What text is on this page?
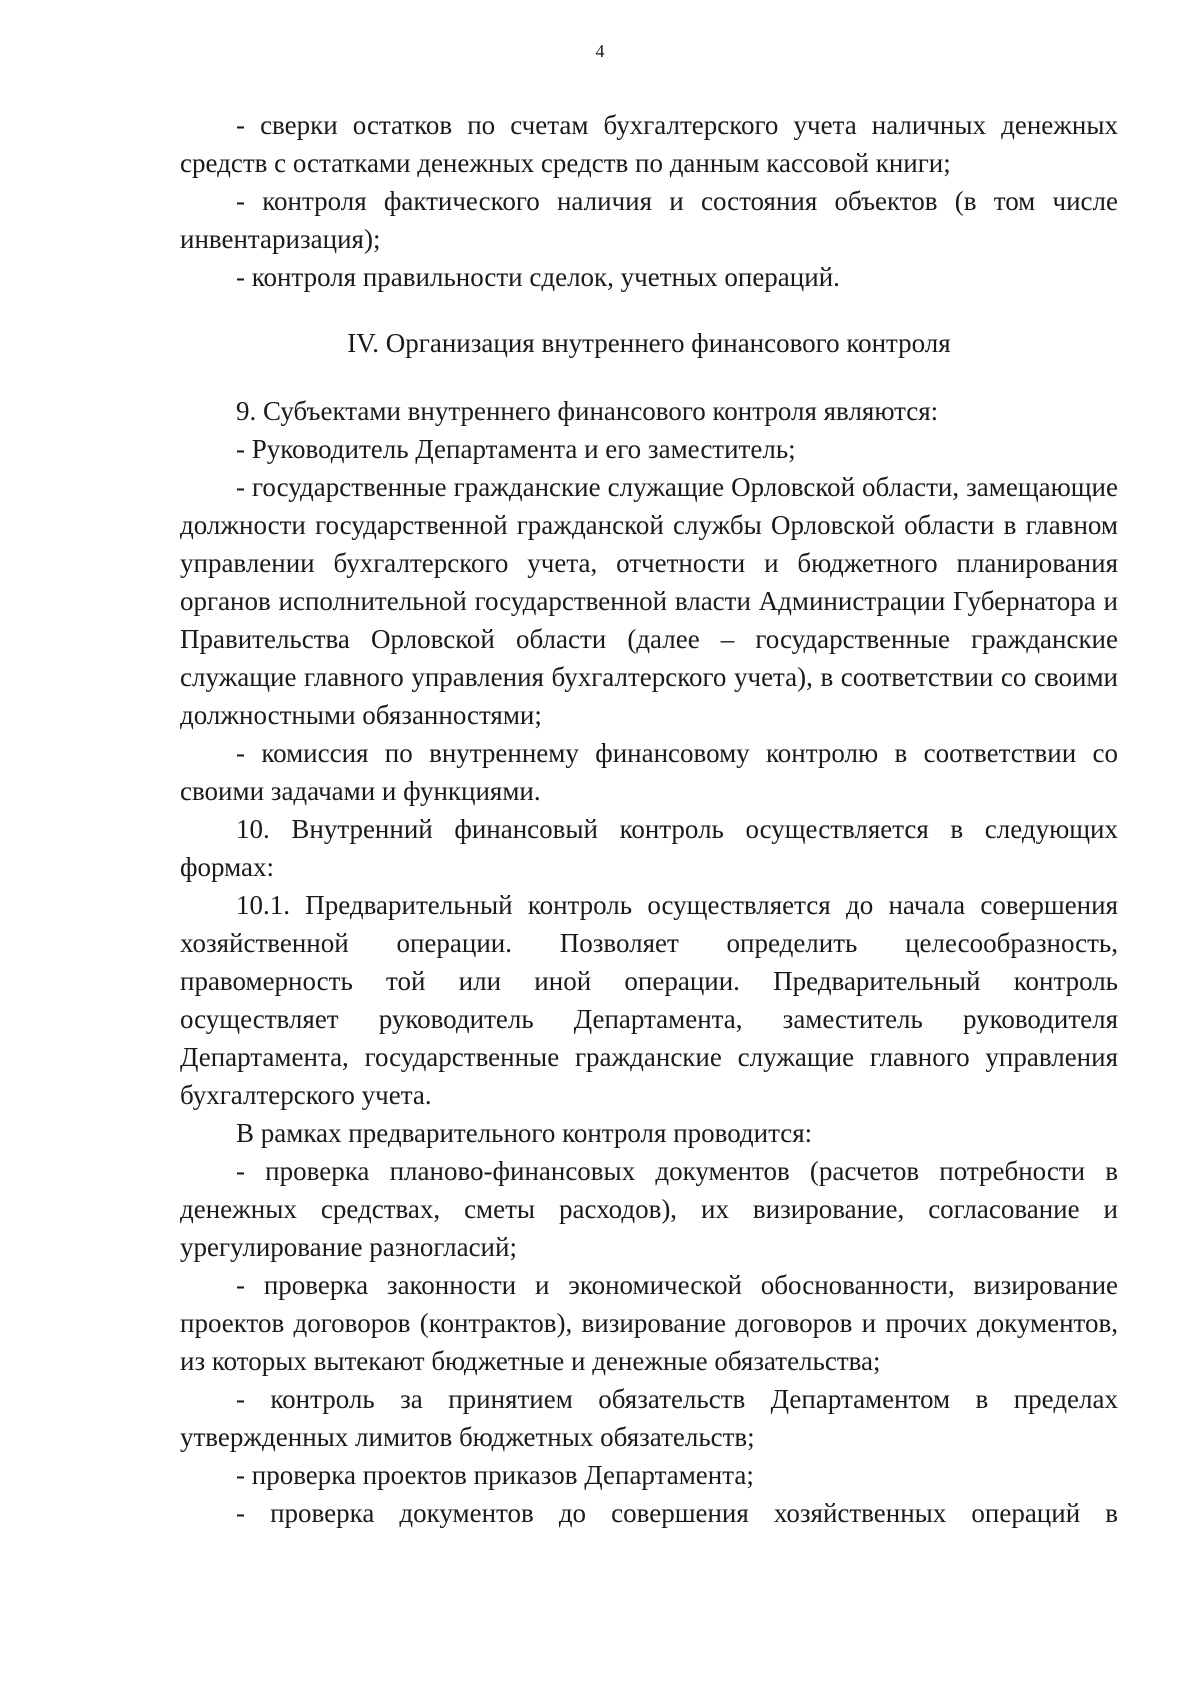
4

- сверки остатков по счетам бухгалтерского учета наличных денежных средств с остатками денежных средств по данным кассовой книги;

- контроля фактического наличия и состояния объектов (в том числе инвентаризация);

- контроля правильности сделок, учетных операций.

IV. Организация внутреннего финансового контроля

9. Субъектами внутреннего финансового контроля являются:

- Руководитель Департамента и его заместитель;

- государственные гражданские служащие Орловской области, замещающие должности государственной гражданской службы Орловской области в главном управлении бухгалтерского учета, отчетности и бюджетного планирования органов исполнительной государственной власти Администрации Губернатора и Правительства Орловской области (далее – государственные гражданские служащие главного управления бухгалтерского учета), в соответствии со своими должностными обязанностями;

- комиссия по внутреннему финансовому контролю в соответствии со своими задачами и функциями.

10. Внутренний финансовый контроль осуществляется в следующих формах:

10.1. Предварительный контроль осуществляется до начала совершения хозяйственной операции. Позволяет определить целесообразность, правомерность той или иной операции. Предварительный контроль осуществляет руководитель Департамента, заместитель руководителя Департамента, государственные гражданские служащие главного управления бухгалтерского учета.

В рамках предварительного контроля проводится:

- проверка планово-финансовых документов (расчетов потребности в денежных средствах, сметы расходов), их визирование, согласование и урегулирование разногласий;

- проверка законности и экономической обоснованности, визирование проектов договоров (контрактов), визирование договоров и прочих документов, из которых вытекают бюджетные и денежные обязательства;

- контроль за принятием обязательств Департаментом в пределах утвержденных лимитов бюджетных обязательств;

- проверка проектов приказов Департамента;

- проверка документов до совершения хозяйственных операций в
